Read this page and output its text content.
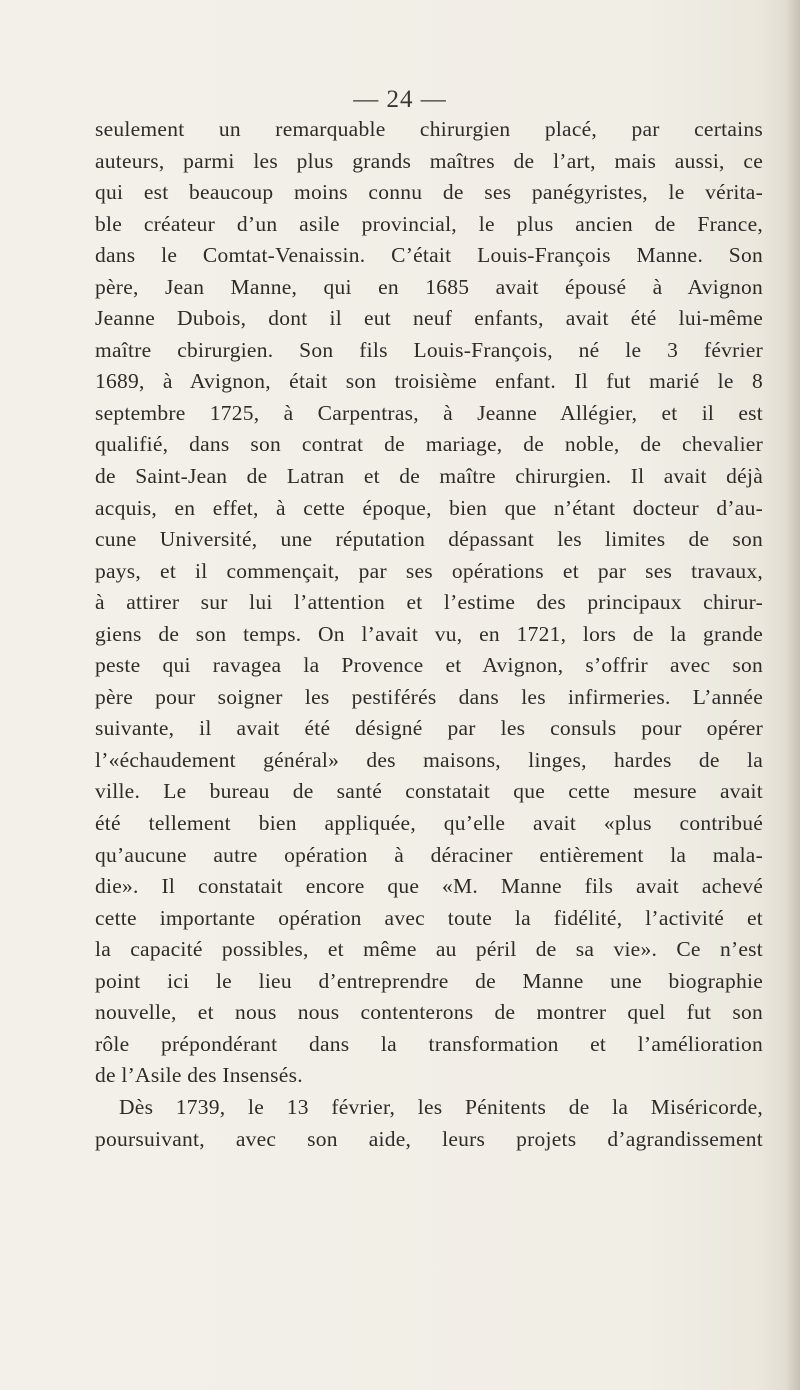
— 24 —
seulement un remarquable chirurgien placé, par certains
auteurs, parmi les plus grands maîtres de l’art, mais aussi, ce
qui est beaucoup moins connu de ses panégyristes, le vérita-
ble créateur d’un asile provincial, le plus ancien de France,
dans le Comtat-Venaissin. C’était Louis-François Manne. Son
père, Jean Manne, qui en 1685 avait épousé à Avignon
Jeanne Dubois, dont il eut neuf enfants, avait été lui-même
maître cbirurgien. Son fils Louis-François, né le 3 février
1689, à Avignon, était son troisième enfant. Il fut marié le 8
septembre 1725, à Carpentras, à Jeanne Allégier, et il est
qualifié, dans son contrat de mariage, de noble, de chevalier
de Saint-Jean de Latran et de maître chirurgien. Il avait déjà
acquis, en effet, à cette époque, bien que n’étant docteur d’au-
cune Université, une réputation dépassant les limites de son
pays, et il commençait, par ses opérations et par ses travaux,
à attirer sur lui l’attention et l’estime des principaux chirur-
giens de son temps. On l’avait vu, en 1721, lors de la grande
peste qui ravagea la Provence et Avignon, s’offrir avec son
père pour soigner les pestiférés dans les infirmeries. L’année
suivante, il avait été désigné par les consuls pour opérer
l’«échaudement général» des maisons, linges, hardes de la
ville. Le bureau de santé constatait que cette mesure avait
été tellement bien appliquée, qu’elle avait «plus contribué
qu’aucune autre opération à déraciner entièrement la mala-
die». Il constatait encore que «M. Manne fils avait achevé
cette importante opération avec toute la fidélité, l’activité et
la capacité possibles, et même au péril de sa vie». Ce n’est
point ici le lieu d’entreprendre de Manne une biographie
nouvelle, et nous nous contenterons de montrer quel fut son
rôle prépondérant dans la transformation et l’amélioration
de l’Asile des Insensés.
Dès 1739, le 13 février, les Pénitents de la Miséricorde,
poursuivant, avec son aide, leurs projets d’agrandissement
